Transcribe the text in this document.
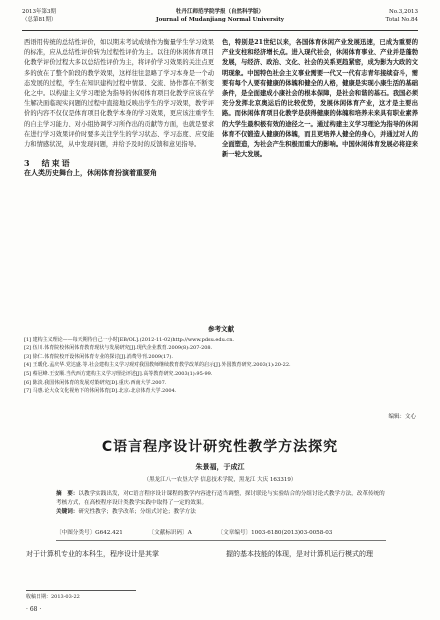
2013年第3期
（总第81期）
牡丹江师范学院学报（自然科学版）
Journal of Mudanjiang Normal University
No.3,2013
Total No.84

西语用传统的总结性评价，如以期末考试成绩作为衡量学生学习效果的标准，应从总结性评价转为过程性评价为主。以往的休闲体育项目化教学评价过程大多以总结性评价为主，将评价学习效果的关注点更多的放在了整个阶段的教学效果，这样往往忽略了学习本身是一个动态发展的过程，学生在知识建构过程中情景、交流、协作都在不断变化之中。以构建主义学习理论为指导的休闲体育项目化教学应该在学生解决面临现实问题的过程中直接地反映出学生的学习效果，教学评价的内容不仅仅是体育项目化教学本身的学习效果，更应该注重学生的自主学习能力、对小组协调学习所作出的贡献等方面，也就是要求在进行学习效果评价时要多关注学生的学习状态、学习态度、应变能力和情感状况，从中发现问题，并给予及时的反馈和意见指导。

3　结束语

在人类历史舞台上，休闲体育扮演着重要角

色，特别是21世纪以来，各国体育休闲产业发展迅速，已成为重要的产业支柱和经济增长点。进入现代社会，休闲体育事业、产业并是蓬勃发展，与经济、政治、文化、社会的关系更趋紧密，成为影为大政的文明现象。中国特色社会主义事业需要一代又一代有志青年接续奋斗，需要有每个人要有健康的体魄和健全的人格，健康是实现小康生活的基础条件，是全面建成小康社会的根本保障，是社会和谐的基石。我国必须充分发挥北京奥运后的比较优势，发展休闲体育产业，这才是主要出路。而休闲体育项目化教学是获得健康的体魄和培养未来具有职业素养的大学生最积极有效的途径之一。通过构建主义学习理论为指导的休闲体育不仅锻造人健康的体魄，而且更培养人健全的身心，并通过对人的全面塑造，为社会产生积极而重大的影响。中国休闲体育发展必将迎来新一轮大发展。

参考文献
[1] 建构主义理论——每天期待自己一小时[EB/OL].(2012-11-02)http://www.pdsu.edu.cn.
[2] 伍川.体育院校休闲体育教育现状与发展研究[J].现代企业教育.2009(8):207-208.
[3] 徐仁.体育院校开设休闲体育专业的探讨[J].消费导刊.2009(17).
[4] 王暖化.孟庆华.党达盛.等.社会建构主义学习观对我国教师继续教育教学改革的启示[J].外国教育研究.2003(1):20-22.
[5] 蔡冠峰.王安顺.当代西方建构主义学习理论评述[J].高等教育研究.2003(1):95-99.
[6] 陈淡.我国休闲体育的发展对策研究[D].重庆:西南大学.2007.
[7] 马惠.论大众文化视角下的休闲体育[D].北京:北京体育大学.2004.
编辑：文心
C语言程序设计研究性教学方法探究
朱景福，于成江
（黑龙江八一农垦大学 信息技术学院，黑龙江 大庆 163319）
摘　要：以教学实践出发，对C语言程序设计课程的教学内容进行适当调整，探讨联论与实验结合的分组讨论式教学方法，改革传统的考核方式，在高校程序设计类教学实践中取得了一定的效果。
关键词：研究性教学；教学改革；分组式讨论；教学方法
〔中图分类号〕G642.421	〔文献标识码〕A	〔文章编号〕1003-6180(2013)03-0058-03
对于计算机专业的本科生，程序设计是其掌	握的基本技能的体现，是对计算机运行模式的理
收稿日期：2013-03-22
· 68 ·
